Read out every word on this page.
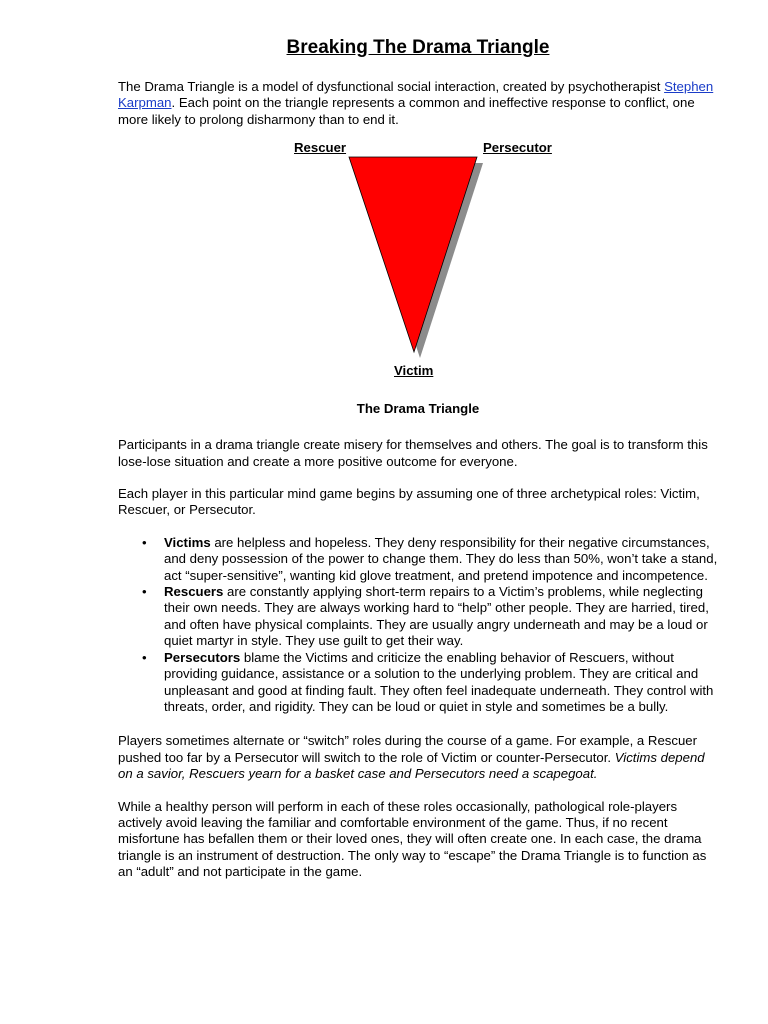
Breaking The Drama Triangle

The Drama Triangle is a model of dysfunctional social interaction, created by psychotherapist Stephen Karpman. Each point on the triangle represents a common and ineffective response to conflict, one more likely to prolong disharmony than to end it.

Rescuer	Persecutor
Victim
The Drama Triangle

Participants in a drama triangle create misery for themselves and others. The goal is to transform this lose-lose situation and create a more positive outcome for everyone.

Each player in this particular mind game begins by assuming one of three archetypical roles: Victim, Rescuer, or Persecutor.

• Victims are helpless and hopeless. They deny responsibility for their negative circumstances, and deny possession of the power to change them. They do less than 50%, won’t take a stand, act “super-sensitive”, wanting kid glove treatment, and pretend impotence and incompetence.
• Rescuers are constantly applying short-term repairs to a Victim’s problems, while neglecting their own needs. They are always working hard to “help” other people. They are harried, tired, and often have physical complaints. They are usually angry underneath and may be a loud or quiet martyr in style. They use guilt to get their way.
• Persecutors blame the Victims and criticize the enabling behavior of Rescuers, without providing guidance, assistance or a solution to the underlying problem. They are critical and unpleasant and good at finding fault. They often feel inadequate underneath. They control with threats, order, and rigidity. They can be loud or quiet in style and sometimes be a bully.

Players sometimes alternate or “switch” roles during the course of a game. For example, a Rescuer pushed too far by a Persecutor will switch to the role of Victim or counter-Persecutor. Victims depend on a savior, Rescuers yearn for a basket case and Persecutors need a scapegoat.

While a healthy person will perform in each of these roles occasionally, pathological role-players actively avoid leaving the familiar and comfortable environment of the game. Thus, if no recent misfortune has befallen them or their loved ones, they will often create one. In each case, the drama triangle is an instrument of destruction. The only way to “escape” the Drama Triangle is to function as an “adult” and not participate in the game.
